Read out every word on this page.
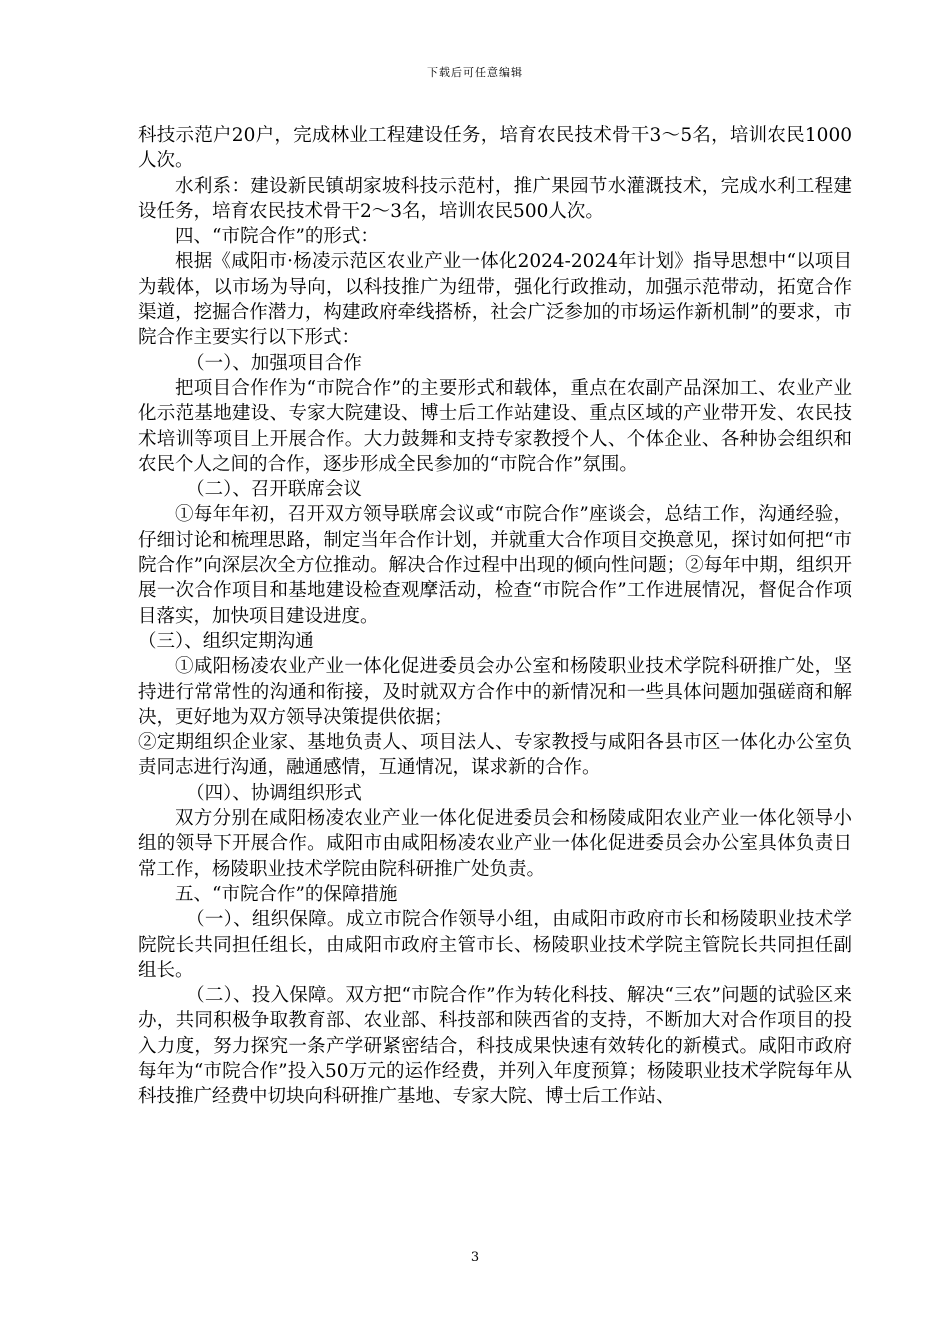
下载后可任意编辑

科技示范户20户，完成林业工程建设任务，培育农民技术骨干3～5名，培训农民1000人次。

水利系：建设新民镇胡家坡科技示范村，推广果园节水灌溉技术，完成水利工程建设任务，培育农民技术骨干2～3名，培训农民500人次。

四、“市院合作”的形式：

根据《咸阳市·杨凌示范区农业产业一体化2024-2024年计划》指导思想中“以项目为载体，以市场为导向，以科技推广为纽带，强化行政推动，加强示范带动，拓宽合作渠道，挖掘合作潜力，构建政府牵线搭桥，社会广泛参加的市场运作新机制”的要求，市院合作主要实行以下形式：

（一）、加强项目合作

把项目合作作为“市院合作”的主要形式和载体，重点在农副产品深加工、农业产业化示范基地建设、专家大院建设、博士后工作站建设、重点区域的产业带开发、农民技术培训等项目上开展合作。大力鼓舞和支持专家教授个人、个体企业、各种协会组织和农民个人之间的合作，逐步形成全民参加的“市院合作”氛围。

（二）、召开联席会议

①每年年初，召开双方领导联席会议或“市院合作”座谈会，总结工作，沟通经验，仔细讨论和梳理思路，制定当年合作计划，并就重大合作项目交换意见，探讨如何把“市院合作”向深层次全方位推动。解决合作过程中出现的倾向性问题；②每年中期，组织开展一次合作项目和基地建设检查观摩活动，检查“市院合作”工作进展情况，督促合作项目落实，加快项目建设进度。

（三）、组织定期沟通

①咸阳杨凌农业产业一体化促进委员会办公室和杨陵职业技术学院科研推广处，坚持进行常常性的沟通和衔接，及时就双方合作中的新情况和一些具体问题加强磋商和解决，更好地为双方领导决策提供依据；

②定期组织企业家、基地负责人、项目法人、专家教授与咸阳各县市区一体化办公室负责同志进行沟通，融通感情，互通情况，谋求新的合作。

（四）、协调组织形式

双方分别在咸阳杨凌农业产业一体化促进委员会和杨陵咸阳农业产业一体化领导小组的领导下开展合作。咸阳市由咸阳杨凌农业产业一体化促进委员会办公室具体负责日常工作，杨陵职业技术学院由院科研推广处负责。

五、“市院合作”的保障措施

（一）、组织保障。成立市院合作领导小组，由咸阳市政府市长和杨陵职业技术学院院长共同担任组长，由咸阳市政府主管市长、杨陵职业技术学院主管院长共同担任副组长。

（二）、投入保障。双方把“市院合作”作为转化科技、解决“三农”问题的试验区来办，共同积极争取教育部、农业部、科技部和陕西省的支持，不断加大对合作项目的投入力度，努力探究一条产学研紧密结合，科技成果快速有效转化的新模式。咸阳市政府每年为“市院合作”投入50万元的运作经费，并列入年度预算；杨陵职业技术学院每年从科技推广经费中切块向科研推广基地、专家大院、博士后工作站、

3
